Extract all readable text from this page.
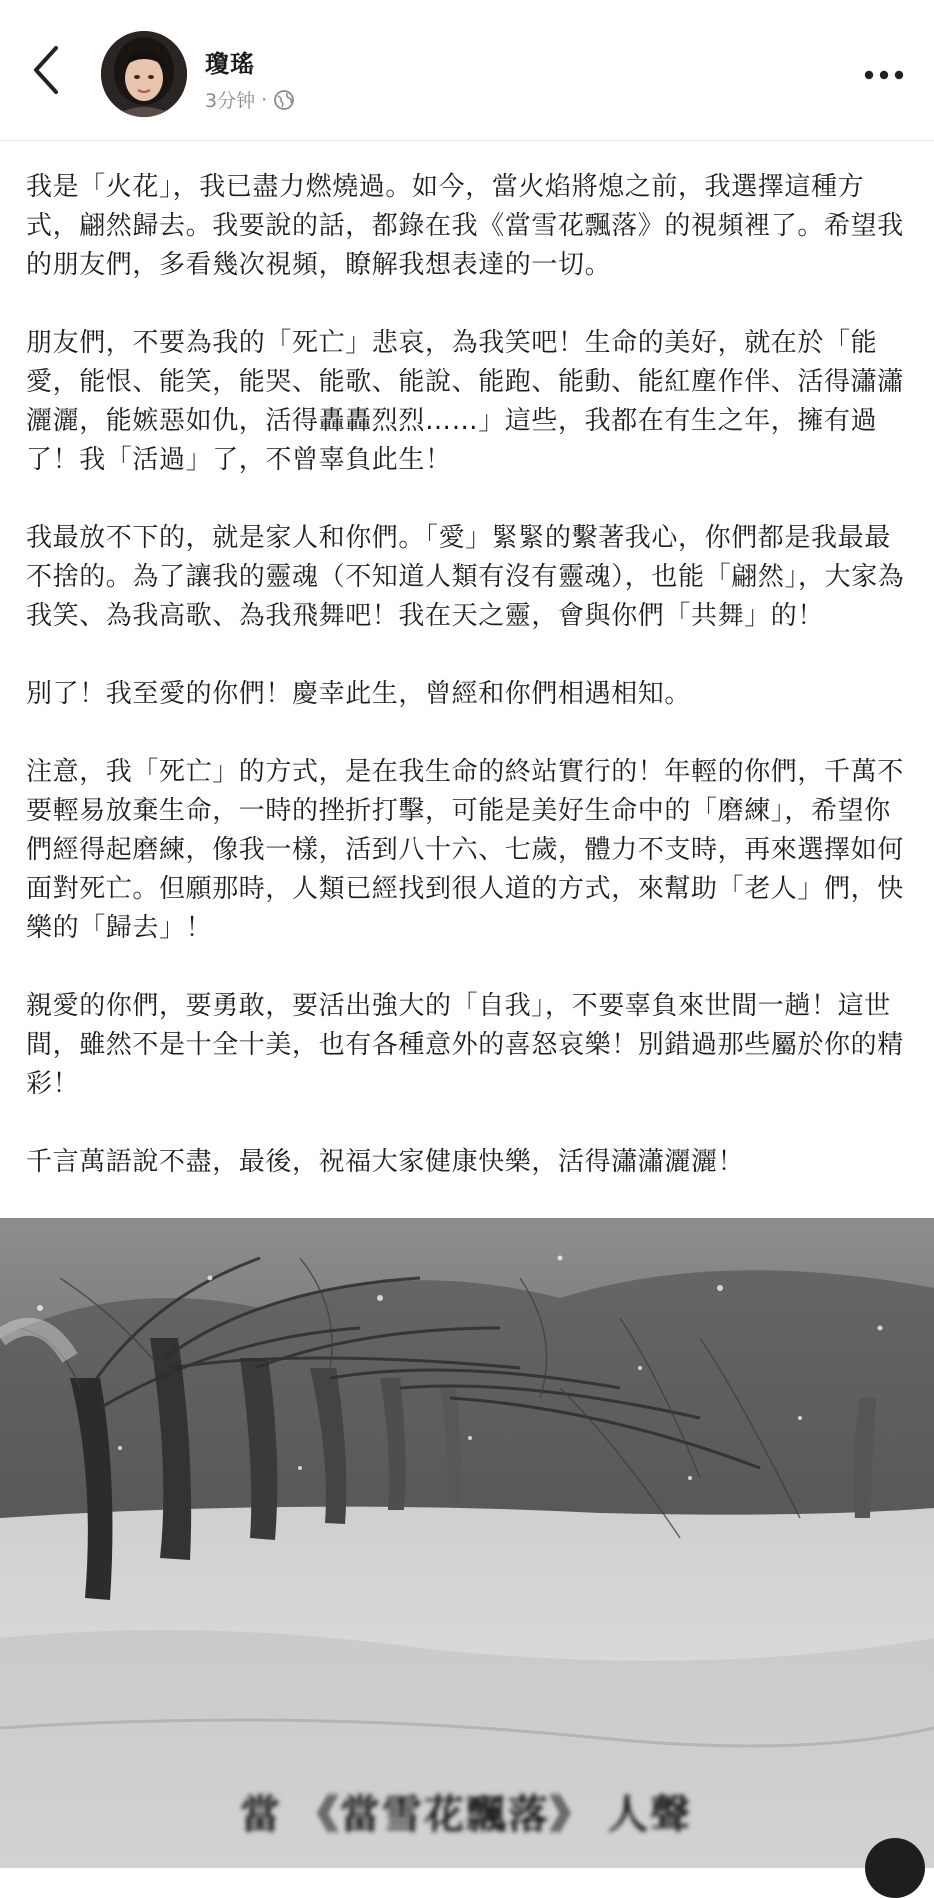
瓊瑤
3分钟 ·

我是「火花」，我已盡力燃燒過。如今，當火焰將熄之前，我選擇這種方式，翩然歸去。我要說的話，都錄在我《當雪花飄落》的視頻裡了。希望我的朋友們，多看幾次視頻，瞭解我想表達的一切。

朋友們，不要為我的「死亡」悲哀，為我笑吧！生命的美好，就在於「能愛，能恨、能笑，能哭、能歌、能說、能跑、能動、能紅塵作伴、活得瀟瀟灑灑，能嫉惡如仇，活得轟轟烈烈……」這些，我都在有生之年，擁有過了！我「活過」了，不曾辜負此生！

我最放不下的，就是家人和你們。「愛」緊緊的繫著我心，你們都是我最最不捨的。為了讓我的靈魂（不知道人類有沒有靈魂），也能「翩然」，大家為我笑、為我高歌、為我飛舞吧！我在天之靈，會與你們「共舞」的！

別了！我至愛的你們！慶幸此生，曾經和你們相遇相知。

注意，我「死亡」的方式，是在我生命的終站實行的！年輕的你們，千萬不要輕易放棄生命，一時的挫折打擊，可能是美好生命中的「磨練」，希望你們經得起磨練，像我一樣，活到八十六、七歲，體力不支時，再來選擇如何面對死亡。但願那時，人類已經找到很人道的方式，來幫助「老人」們，快樂的「歸去」！

親愛的你們，要勇敢，要活出強大的「自我」，不要辜負來世間一趟！這世間，雖然不是十全十美，也有各種意外的喜怒哀樂！別錯過那些屬於你的精彩！

千言萬語說不盡，最後，祝福大家健康快樂，活得瀟瀟灑灑！

當 《當雪花飄落》 人聲
